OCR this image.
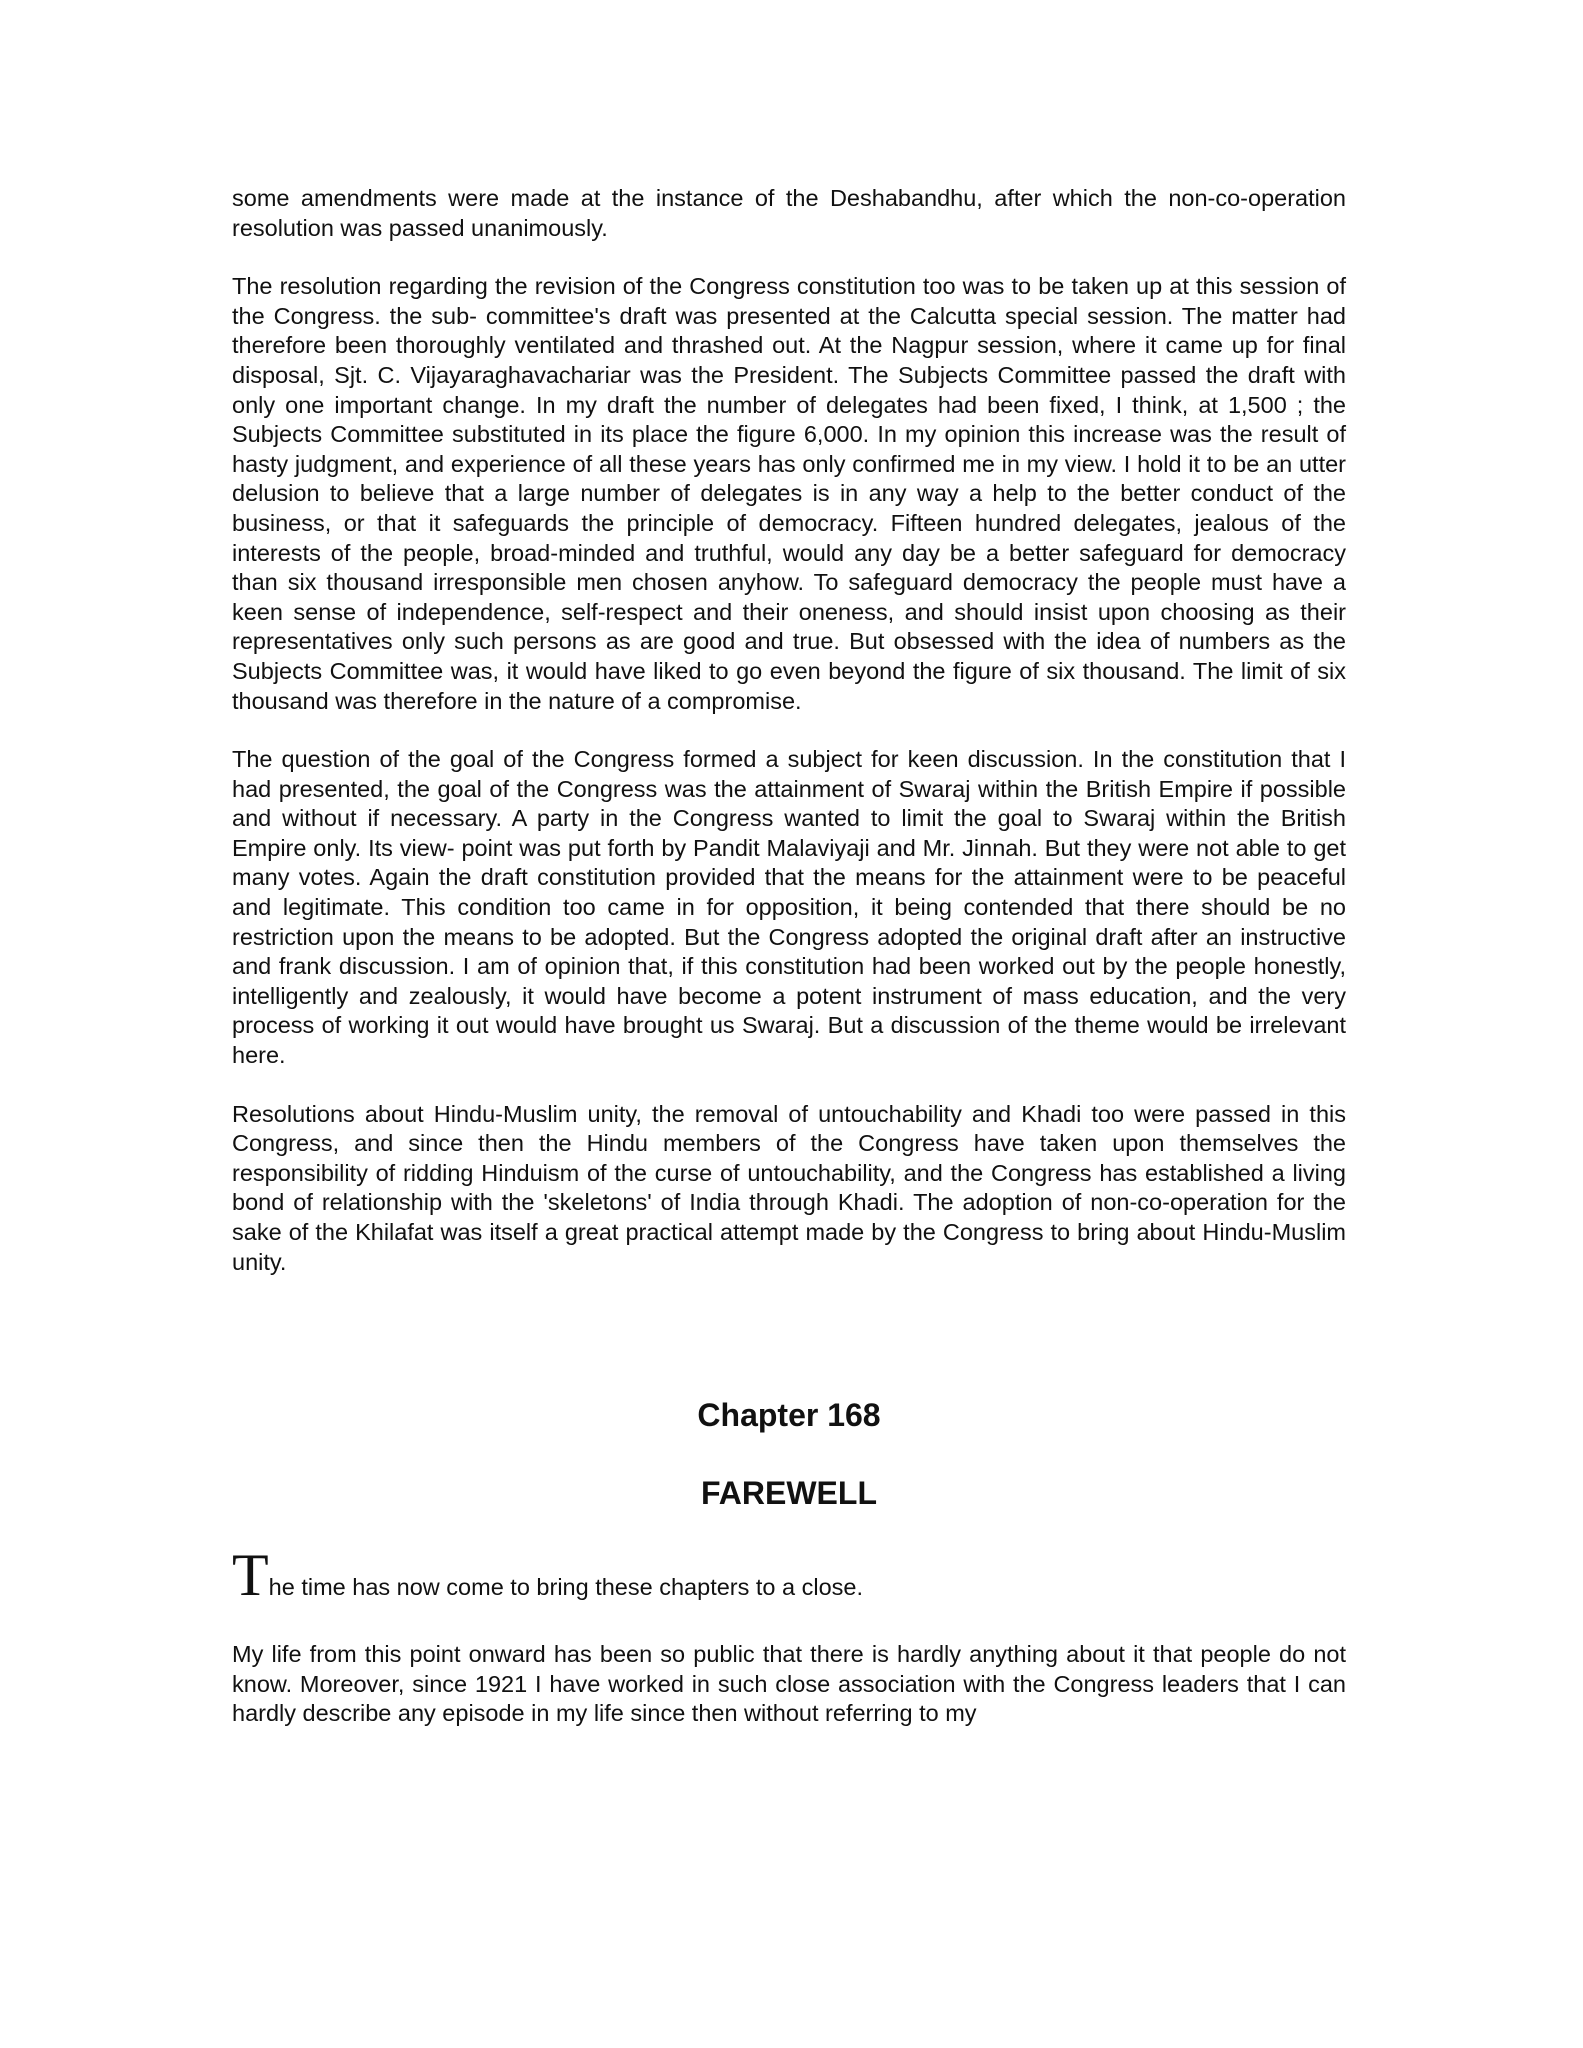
some amendments were made at the instance of the Deshabandhu, after which the non-co-operation resolution was passed unanimously.

The resolution regarding the revision of the Congress constitution too was to be taken up at this session of the Congress. the sub- committee's draft was presented at the Calcutta special session. The matter had therefore been thoroughly ventilated and thrashed out. At the Nagpur session, where it came up for final disposal, Sjt. C. Vijayaraghavachariar was the President. The Subjects Committee passed the draft with only one important change. In my draft the number of delegates had been fixed, I think, at 1,500 ; the Subjects Committee substituted in its place the figure 6,000. In my opinion this increase was the result of hasty judgment, and experience of all these years has only confirmed me in my view. I hold it to be an utter delusion to believe that a large number of delegates is in any way a help to the better conduct of the business, or that it safeguards the principle of democracy. Fifteen hundred delegates, jealous of the interests of the people, broad-minded and truthful, would any day be a better safeguard for democracy than six thousand irresponsible men chosen anyhow. To safeguard democracy the people must have a keen sense of independence, self-respect and their oneness, and should insist upon choosing as their representatives only such persons as are good and true. But obsessed with the idea of numbers as the Subjects Committee was, it would have liked to go even beyond the figure of six thousand. The limit of six thousand was therefore in the nature of a compromise.

The question of the goal of the Congress formed a subject for keen discussion. In the constitution that I had presented, the goal of the Congress was the attainment of Swaraj within the British Empire if possible and without if necessary. A party in the Congress wanted to limit the goal to Swaraj within the British Empire only. Its view- point was put forth by Pandit Malaviyaji and Mr. Jinnah. But they were not able to get many votes. Again the draft constitution provided that the means for the attainment were to be peaceful and legitimate. This condition too came in for opposition, it being contended that there should be no restriction upon the means to be adopted. But the Congress adopted the original draft after an instructive and frank discussion. I am of opinion that, if this constitution had been worked out by the people honestly, intelligently and zealously, it would have become a potent instrument of mass education, and the very process of working it out would have brought us Swaraj. But a discussion of the theme would be irrelevant here.

Resolutions about Hindu-Muslim unity, the removal of untouchability and Khadi too were passed in this Congress, and since then the Hindu members of the Congress have taken upon themselves the responsibility of ridding Hinduism of the curse of untouchability, and the Congress has established a living bond of relationship with the 'skeletons' of India through Khadi. The adoption of non-co-operation for the sake of the Khilafat was itself a great practical attempt made by the Congress to bring about Hindu-Muslim unity.

Chapter 168
FAREWELL

The time has now come to bring these chapters to a close.

My life from this point onward has been so public that there is hardly anything about it that people do not know. Moreover, since 1921 I have worked in such close association with the Congress leaders that I can hardly describe any episode in my life since then without referring to my
